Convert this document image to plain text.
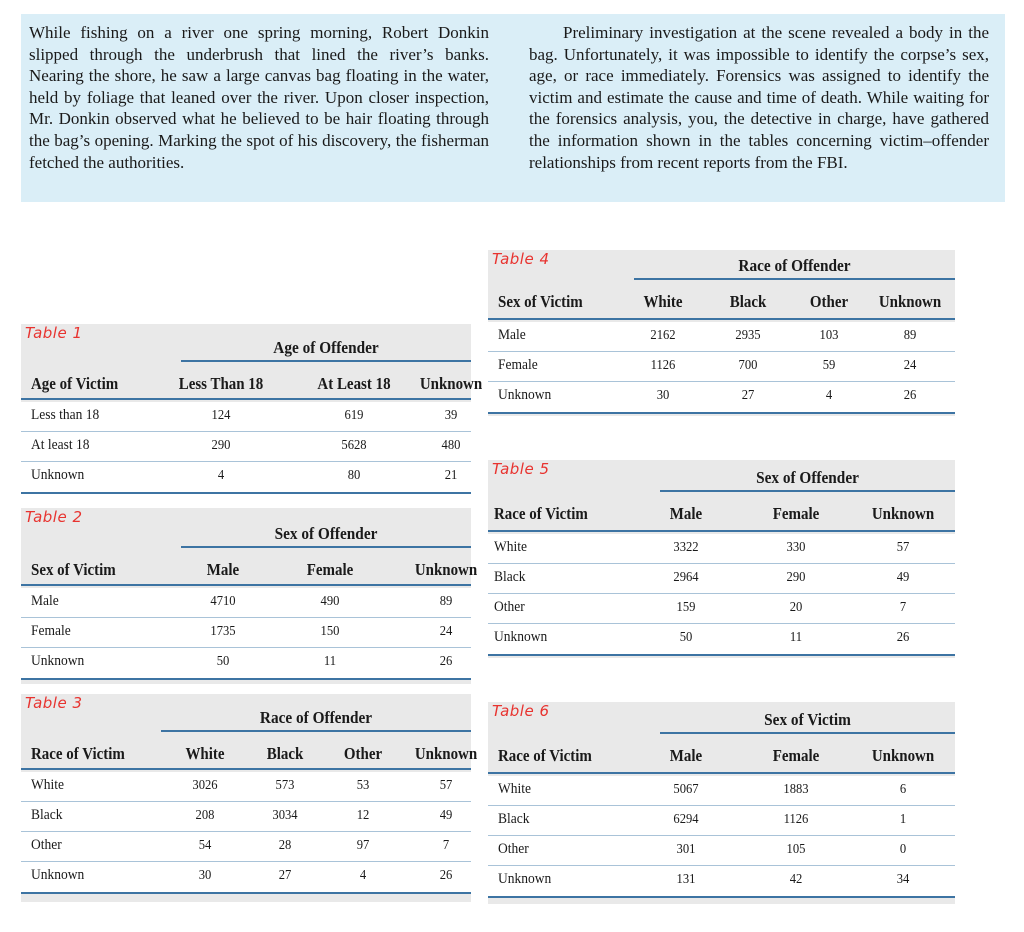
While fishing on a river one spring morning, Robert Donkin slipped through the underbrush that lined the river’s banks. Nearing the shore, he saw a large canvas bag floating in the water, held by foliage that leaned over the river. Upon closer inspection, Mr. Donkin observed what he believed to be hair floating through the bag’s opening. Marking the spot of his discovery, the fisherman fetched the authorities.

Preliminary investigation at the scene revealed a body in the bag. Unfortunately, it was impossible to identify the corpse’s sex, age, or race immediately. Forensics was assigned to identify the victim and estimate the cause and time of death. While waiting for the forensics analysis, you, the detective in charge, have gathered the information shown in the tables concerning victim–offender relationships from recent reports from the FBI.

Table 1
Age of Offender
Age of Victim	Less Than 18	At Least 18	Unknown
Less than 18	124	619	39
At least 18	290	5628	480
Unknown	4	80	21
Table 2
Sex of Offender
Sex of Victim	Male	Female	Unknown
Male	4710	490	89
Female	1735	150	24
Unknown	50	11	26
Table 3
Race of Offender
Race of Victim	White	Black	Other	Unknown
White	3026	573	53	57
Black	208	3034	12	49
Other	54	28	97	7
Unknown	30	27	4	26
Table 4	Race of Offender
Sex of Victim	White	Black	Other	Unknown
Male	2162	2935	103	89
Female	1126	700	59	24
Unknown	30	27	4	26
Table 5	Sex of Offender
Race of Victim	Male	Female	Unknown
White	3322	330	57
Black	2964	290	49
Other	159	20	7
Unknown	50	11	26
Table 6	Sex of Victim
Race of Victim	Male	Female	Unknown
White	5067	1883	6
Black	6294	1126	1
Other	301	105	0
Unknown	131	42	34
